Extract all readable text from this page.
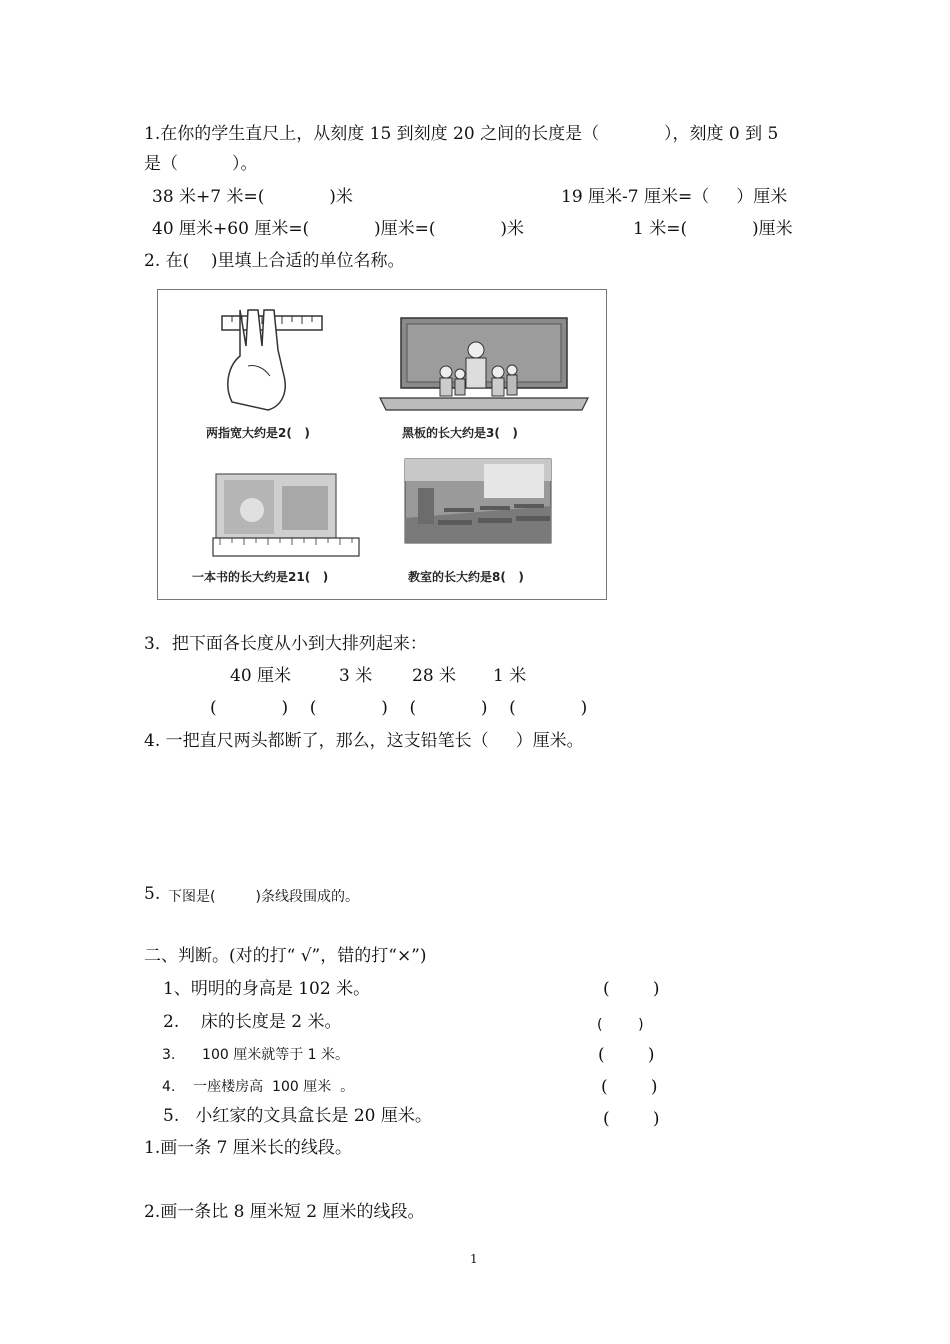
1.在你的学生直尺上，从刻度 15 到刻度 20 之间的长度是（            ），刻度 0 到 5
是（          ）。
38 米+7 米=(            )米	19 厘米-7 厘米=（     ）厘米
40 厘米+60 厘米=(            )厘米=(            )米	1 米=(            )厘米
2. 在(    )里填上合适的单位名称。
两指宽大约是2(   )	黑板的长大约是3(   )
一本书的长大约是21(   )	教室的长大约是8(   )
3．把下面各长度从小到大排列起来：
40 厘米	3 米 28 米 1 米
(            )    (            )    (            )    (            )
4. 一把直尺两头都断了，那么，这支铅笔长（     ）厘米。
5. 下图是(         )条线段围成的。
二、判断。(对的打“ √”，错的打“×”)
1、明明的身高是 102 米。	(        )
2.    床的长度是 2 米。	(        )
3.      100 厘米就等于 1 米。	(        )
4.    一座楼房高  100 厘米  。	(        )
5.   小红家的文具盒长是 20 厘米。	(        )
1.画一条 7 厘米长的线段。
2.画一条比 8 厘米短 2 厘米的线段。
1
